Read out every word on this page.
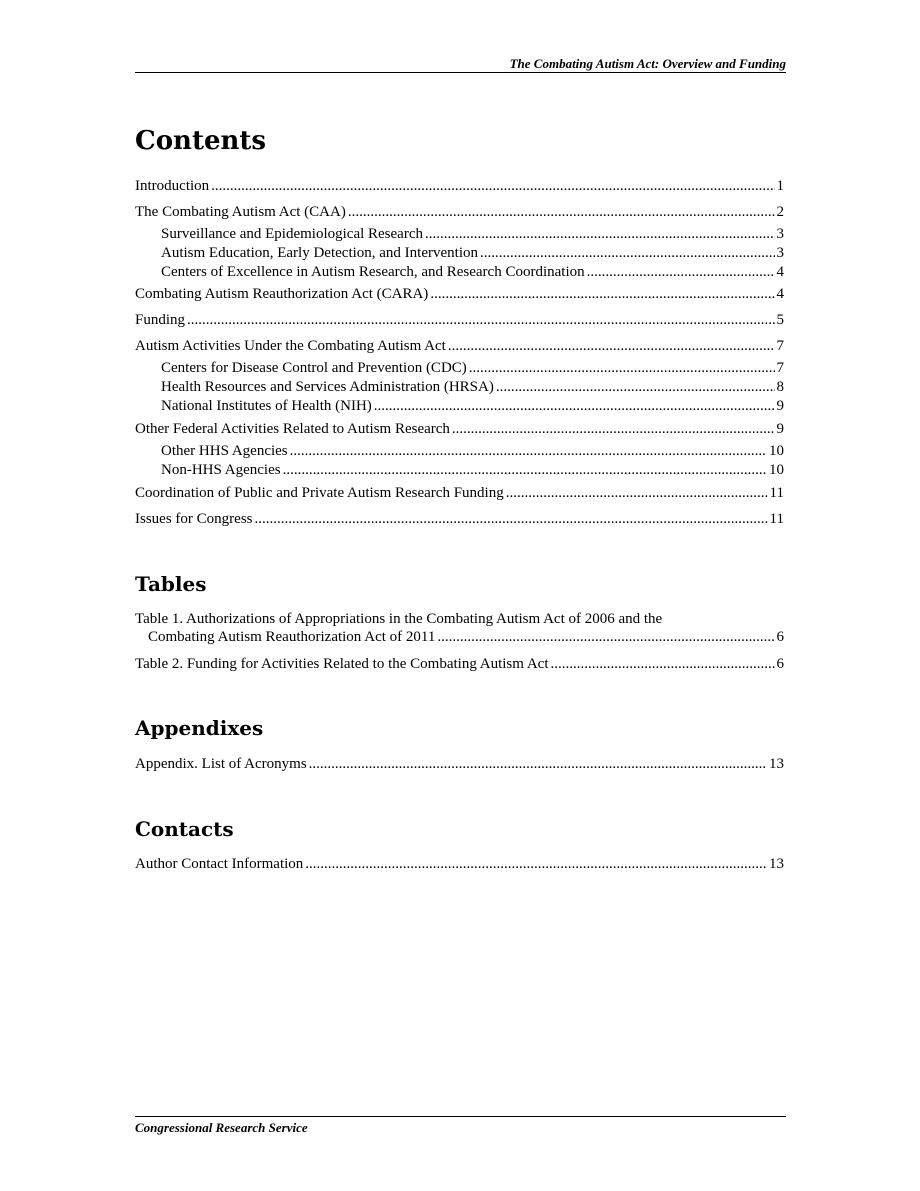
The Combating Autism Act: Overview and Funding
Contents
Introduction .....	1
The Combating Autism Act (CAA) .....	2
Surveillance and Epidemiological Research .....	3
Autism Education, Early Detection, and Intervention .....	3
Centers of Excellence in Autism Research, and Research Coordination .....	4
Combating Autism Reauthorization Act (CARA) .....	4
Funding .....	5
Autism Activities Under the Combating Autism Act .....	7
Centers for Disease Control and Prevention (CDC) .....	7
Health Resources and Services Administration (HRSA) .....	8
National Institutes of Health (NIH) .....	9
Other Federal Activities Related to Autism Research .....	9
Other HHS Agencies .....	10
Non-HHS Agencies .....	10
Coordination of Public and Private Autism Research Funding .....	11
Issues for Congress .....	11
Tables
Table 1. Authorizations of Appropriations in the Combating Autism Act of 2006 and the
Combating Autism Reauthorization Act of 2011 .....	6
Table 2. Funding for Activities Related to the Combating Autism Act .....	6
Appendixes
Appendix. List of Acronyms .....	13
Contacts
Author Contact Information .....	13
Congressional Research Service
